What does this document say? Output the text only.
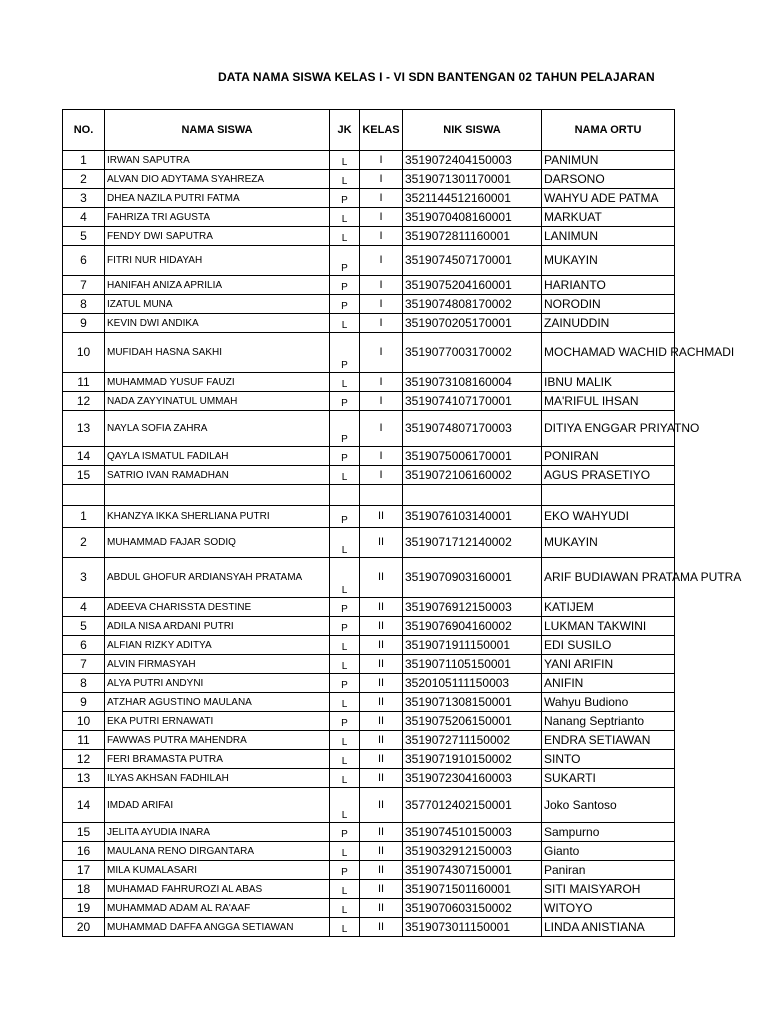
DATA NAMA SISWA KELAS I - VI SDN BANTENGAN 02 TAHUN PELAJARAN
NO.	NAMA SISWA	JK	KELAS	NIK SISWA	NAMA ORTU
1	IRWAN SAPUTRA	L	I	3519072404150003	PANIMUN
2	ALVAN DIO ADYTAMA SYAHREZA	L	I	3519071301170001	DARSONO
3	DHEA NAZILA PUTRI FATMA	P	I	3521144512160001	WAHYU ADE PATMA
4	FAHRIZA TRI AGUSTA	L	I	3519070408160001	MARKUAT
5	FENDY DWI SAPUTRA	L	I	3519072811160001	LANIMUN
6	FITRI NUR HIDAYAH	P	I	3519074507170001	MUKAYIN
7	HANIFAH ANIZA APRILIA	P	I	3519075204160001	HARIANTO
8	IZATUL MUNA	P	I	3519074808170002	NORODIN
9	KEVIN DWI ANDIKA	L	I	3519070205170001	ZAINUDDIN
10	MUFIDAH HASNA SAKHI	P	I	3519077003170002	MOCHAMAD WACHID RACHMADI
11	MUHAMMAD YUSUF FAUZI	L	I	3519073108160004	IBNU MALIK
12	NADA ZAYYINATUL UMMAH	P	I	3519074107170001	MA'RIFUL IHSAN
13	NAYLA SOFIA ZAHRA	P	I	3519074807170003	DITIYA ENGGAR PRIYATNO
14	QAYLA ISMATUL FADILAH	P	I	3519075006170001	PONIRAN
15	SATRIO IVAN RAMADHAN	L	I	3519072106160002	AGUS PRASETIYO

1	KHANZYA IKKA SHERLIANA PUTRI	P	II	3519076103140001	EKO WAHYUDI
2	MUHAMMAD FAJAR SODIQ	L	II	3519071712140002	MUKAYIN
3	ABDUL GHOFUR ARDIANSYAH PRATAMA	L	II	3519070903160001	ARIF BUDIAWAN PRATAMA PUTRA
4	ADEEVA CHARISSTA DESTINE	P	II	3519076912150003	KATIJEM
5	ADILA NISA ARDANI PUTRI	P	II	3519076904160002	LUKMAN TAKWINI
6	ALFIAN RIZKY ADITYA	L	II	3519071911150001	EDI SUSILO
7	ALVIN FIRMASYAH	L	II	3519071105150001	YANI ARIFIN
8	ALYA PUTRI ANDYNI	P	II	3520105111150003	ANIFIN
9	ATZHAR AGUSTINO MAULANA	L	II	3519071308150001	Wahyu Budiono
10	EKA PUTRI ERNAWATI	P	II	3519075206150001	Nanang Septrianto
11	FAWWAS PUTRA MAHENDRA	L	II	3519072711150002	ENDRA SETIAWAN
12	FERI BRAMASTA PUTRA	L	II	3519071910150002	SINTO
13	ILYAS AKHSAN FADHILAH	L	II	3519072304160003	SUKARTI
14	IMDAD ARIFAI	L	II	3577012402150001	Joko Santoso
15	JELITA AYUDIA INARA	P	II	3519074510150003	Sampurno
16	MAULANA RENO DIRGANTARA	L	II	3519032912150003	Gianto
17	MILA KUMALASARI	P	II	3519074307150001	Paniran
18	MUHAMAD FAHRUROZI AL ABAS	L	II	3519071501160001	SITI MAISYAROH
19	MUHAMMAD ADAM AL RA'AAF	L	II	3519070603150002	WITOYO
20	MUHAMMAD DAFFA ANGGA SETIAWAN	L	II	3519073011150001	LINDA ANISTIANA
